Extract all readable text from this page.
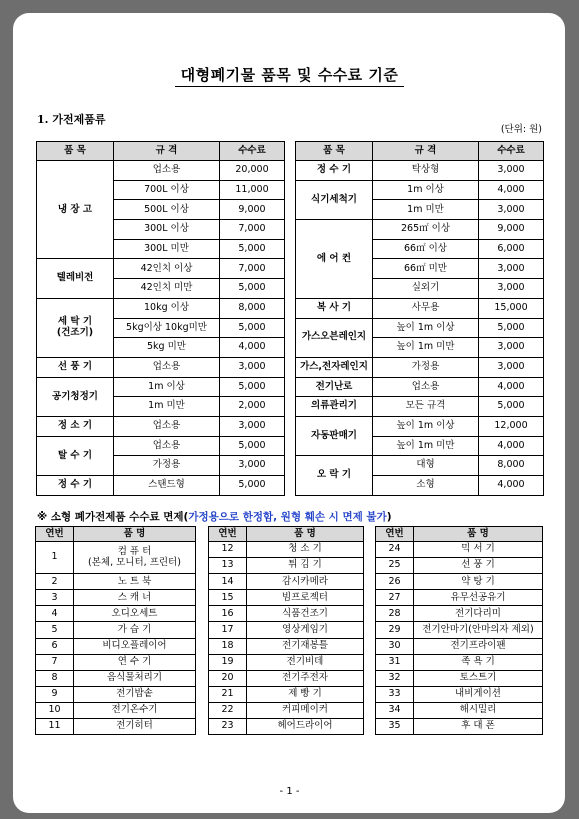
대형폐기물 품목 및 수수료 기준
1. 가전제품류
(단위: 원)
품 목	규 격	수수료
냉 장 고	업소용	20,000
	700L 이상	11,000
	500L 이상	9,000
	300L 이상	7,000
	300L 미만	5,000
텔레비전	42인치 이상	7,000
	42인치 미만	5,000
세 탁 기
(건조기)	10kg 이상	8,000
	5kg이상 10kg미만	5,000
	5kg 미만	4,000
선 풍 기	업소용	3,000
공기청정기	1m 이상	5,000
	1m 미만	2,000
정 소 기	업소용	3,000
탈 수 기	업소용	5,000
	가정용	3,000
정 수 기	스탠드형	5,000
품 목	규 격	수수료
정 수 기	탁상형	3,000
식기세척기	1m 이상	4,000
	1m 미만	3,000
에 어 컨	265㎡ 이상	9,000
	66㎡ 이상	6,000
	66㎡ 미만	3,000
	실외기	3,000
복 사 기	사무용	15,000
가스오븐레인지	높이 1m 이상	5,000
	높이 1m 미만	3,000
가스,전자레인지	가정용	3,000
전기난로	업소용	4,000
의류관리기	모든 규격	5,000
자동판매기	높이 1m 이상	12,000
	높이 1m 미만	4,000
오 락 기	대형	8,000
	소형	4,000
※ 소형 폐가전제품 수수료 면제(가정용으로 한정함, 원형 훼손 시 면제 불가)
연번	품 명
1	컴 퓨 터
(본체, 모니터, 프린터)
2	노 트 북
3	스 캐 너
4	오디오세트
5	가 습 기
6	비디오플레이어
7	연 수 기
8	음식물처리기
9	전기밥솥
10	전기온수기
11	전기히터
연번	품 명
12	청 소 기
13	튀 김 기
14	감시카메라
15	빔프로젝터
16	식품건조기
17	영상게임기
18	전기재봉틀
19	전기비데
20	전기주전자
21	제 빵 기
22	커피메이커
23	헤어드라이어
연번	품 명
24	믹 서 기
25	선 풍 기
26	약 탕 기
27	유무선공유기
28	전기다리미
29	전기안마기(안마의자 제외)
30	전기프라이팬
31	족 욕 기
32	토스트기
33	내비게이션
34	해시밀리
35	후 대 폰
- 1 -
